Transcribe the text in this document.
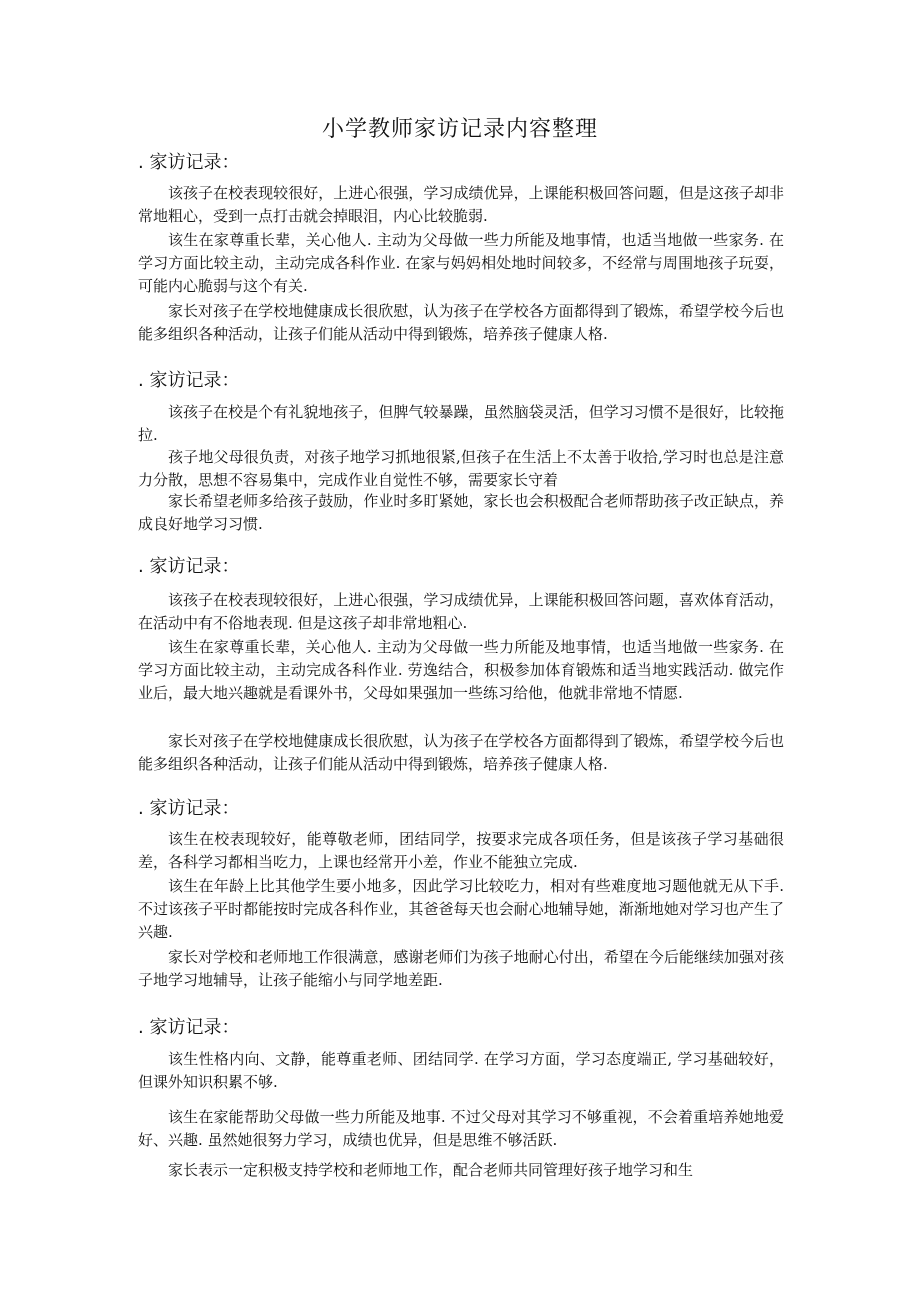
小学教师家访记录内容整理
. 家访记录：

该孩子在校表现较很好，上进心很强，学习成绩优异，上课能积极回答问题，但是这孩子却非常地粗心，受到一点打击就会掉眼泪，内心比较脆弱.

该生在家尊重长辈，关心他人. 主动为父母做一些力所能及地事情，也适当地做一些家务. 在学习方面比较主动，主动完成各科作业. 在家与妈妈相处地时间较多，不经常与周围地孩子玩耍，可能内心脆弱与这个有关.

家长对孩子在学校地健康成长很欣慰，认为孩子在学校各方面都得到了锻炼，希望学校今后也能多组织各种活动，让孩子们能从活动中得到锻炼，培养孩子健康人格.

. 家访记录：

该孩子在校是个有礼貌地孩子，但脾气较暴躁，虽然脑袋灵活，但学习习惯不是很好，比较拖拉.

孩子地父母很负责，对孩子地学习抓地很紧,但孩子在生活上不太善于收拾,学习时也总是注意力分散，思想不容易集中，完成作业自觉性不够，需要家长守着

家长希望老师多给孩子鼓励，作业时多盯紧她，家长也会积极配合老师帮助孩子改正缺点，养成良好地学习习惯.

. 家访记录：

该孩子在校表现较很好，上进心很强，学习成绩优异，上课能积极回答问题，喜欢体育活动，在活动中有不俗地表现. 但是这孩子却非常地粗心.

该生在家尊重长辈，关心他人. 主动为父母做一些力所能及地事情，也适当地做一些家务. 在学习方面比较主动，主动完成各科作业. 劳逸结合，积极参加体育锻炼和适当地实践活动. 做完作业后，最大地兴趣就是看课外书，父母如果强加一些练习给他，他就非常地不情愿.

家长对孩子在学校地健康成长很欣慰，认为孩子在学校各方面都得到了锻炼，希望学校今后也能多组织各种活动，让孩子们能从活动中得到锻炼，培养孩子健康人格.

. 家访记录：

该生在校表现较好，能尊敬老师，团结同学，按要求完成各项任务，但是该孩子学习基础很差，各科学习都相当吃力，上课也经常开小差，作业不能独立完成.

该生在年龄上比其他学生要小地多，因此学习比较吃力，相对有些难度地习题他就无从下手. 不过该孩子平时都能按时完成各科作业，其爸爸每天也会耐心地辅导她，渐渐地她对学习也产生了兴趣.

家长对学校和老师地工作很满意，感谢老师们为孩子地耐心付出，希望在今后能继续加强对孩子地学习地辅导，让孩子能缩小与同学地差距.

. 家访记录：

该生性格内向、文静，能尊重老师、团结同学. 在学习方面，学习态度端正, 学习基础较好，但课外知识积累不够.

该生在家能帮助父母做一些力所能及地事. 不过父母对其学习不够重视，不会着重培养她地爱好、兴趣. 虽然她很努力学习，成绩也优异，但是思维不够活跃.

家长表示一定积极支持学校和老师地工作，配合老师共同管理好孩子地学习和生
